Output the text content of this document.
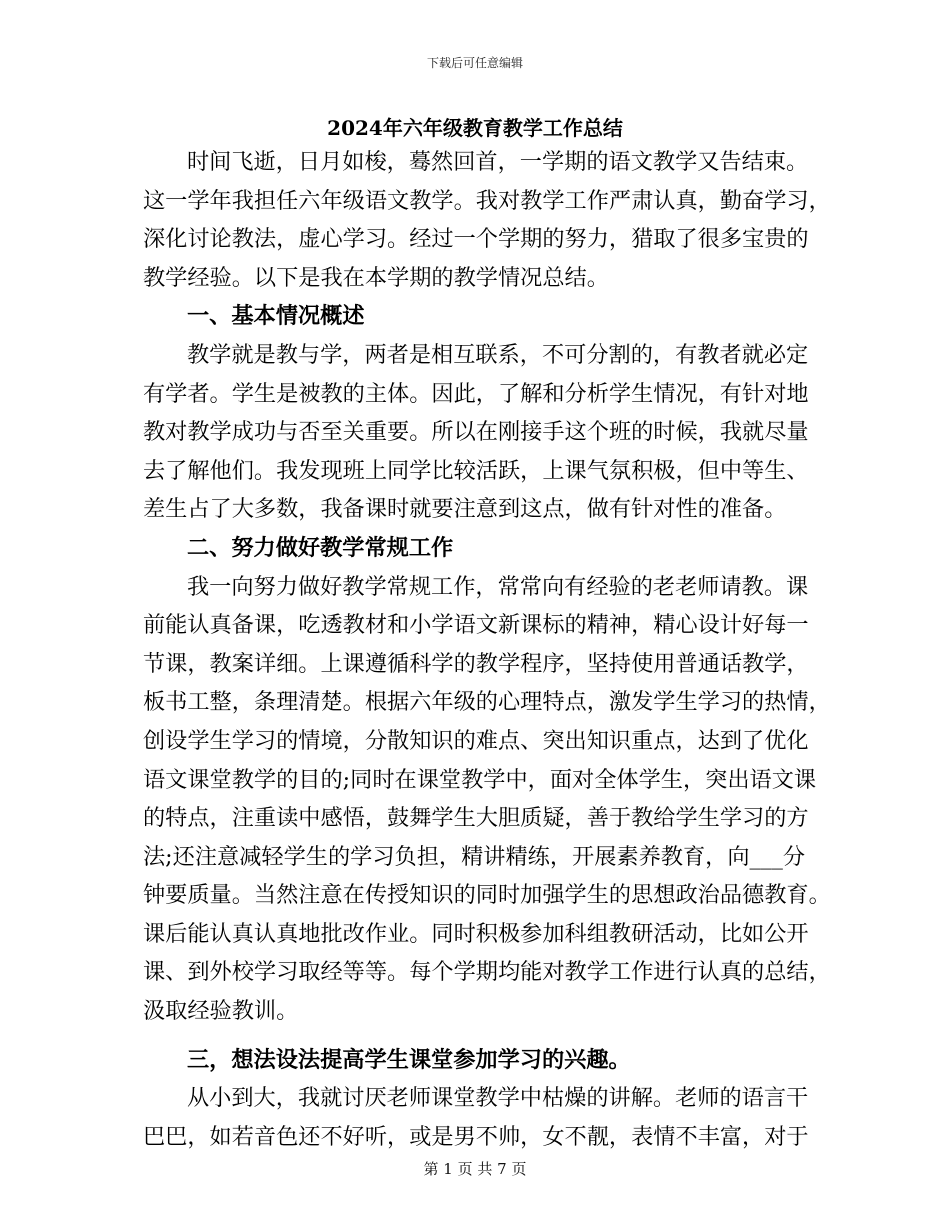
下载后可任意编辑
2024年六年级教育教学工作总结
时间飞逝，日月如梭，蓦然回首，一学期的语文教学又告结束。
这一学年我担任六年级语文教学。我对教学工作严肃认真，勤奋学习，
深化讨论教法，虚心学习。经过一个学期的努力，猎取了很多宝贵的
教学经验。以下是我在本学期的教学情况总结。
一、基本情况概述
教学就是教与学，两者是相互联系，不可分割的，有教者就必定
有学者。学生是被教的主体。因此，了解和分析学生情况，有针对地
教对教学成功与否至关重要。所以在刚接手这个班的时候，我就尽量
去了解他们。我发现班上同学比较活跃，上课气氛积极，但中等生、
差生占了大多数，我备课时就要注意到这点，做有针对性的准备。
二、努力做好教学常规工作
我一向努力做好教学常规工作，常常向有经验的老老师请教。课
前能认真备课，吃透教材和小学语文新课标的精神，精心设计好每一
节课，教案详细。上课遵循科学的教学程序，坚持使用普通话教学，
板书工整，条理清楚。根据六年级的心理特点，激发学生学习的热情，
创设学生学习的情境，分散知识的难点、突出知识重点，达到了优化
语文课堂教学的目的;同时在课堂教学中，面对全体学生，突出语文课
的特点，注重读中感悟，鼓舞学生大胆质疑，善于教给学生学习的方
法;还注意减轻学生的学习负担，精讲精练，开展素养教育，向___分
钟要质量。当然注意在传授知识的同时加强学生的思想政治品德教育。
课后能认真认真地批改作业。同时积极参加科组教研活动，比如公开
课、到外校学习取经等等。每个学期均能对教学工作进行认真的总结，
汲取经验教训。
三，想法设法提高学生课堂参加学习的兴趣。
从小到大，我就讨厌老师课堂教学中枯燥的讲解。老师的语言干
巴巴，如若音色还不好听，或是男不帅，女不靓，表情不丰富，对于
第 1 页 共 7 页
